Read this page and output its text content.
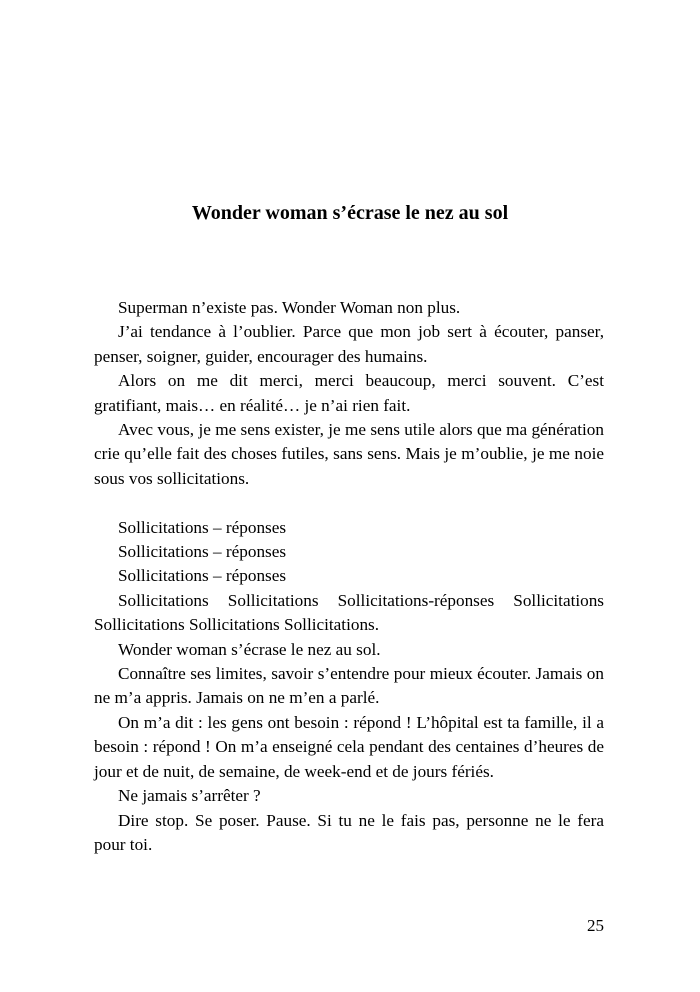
Wonder woman s’écrase le nez au sol

Superman n’existe pas. Wonder Woman non plus.

J’ai tendance à l’oublier. Parce que mon job sert à écouter, panser, penser, soigner, guider, encourager des humains.

Alors on me dit merci, merci beaucoup, merci souvent. C’est gratifiant, mais… en réalité… je n’ai rien fait.

Avec vous, je me sens exister, je me sens utile alors que ma génération crie qu’elle fait des choses futiles, sans sens. Mais je m’oublie, je me noie sous vos sollicitations.

Sollicitations – réponses

Sollicitations – réponses

Sollicitations – réponses

Sollicitations Sollicitations Sollicitations-réponses Sollicitations Sollicitations Sollicitations Sollicitations.

Wonder woman s’écrase le nez au sol.

Connaître ses limites, savoir s’entendre pour mieux écouter. Jamais on ne m’a appris. Jamais on ne m’en a parlé.

On m’a dit : les gens ont besoin : répond ! L’hôpital est ta famille, il a besoin : répond ! On m’a enseigné cela pendant des centaines d’heures de jour et de nuit, de semaine, de week-end et de jours fériés.

Ne jamais s’arrêter ?

Dire stop. Se poser. Pause. Si tu ne le fais pas, personne ne le fera pour toi.

25
